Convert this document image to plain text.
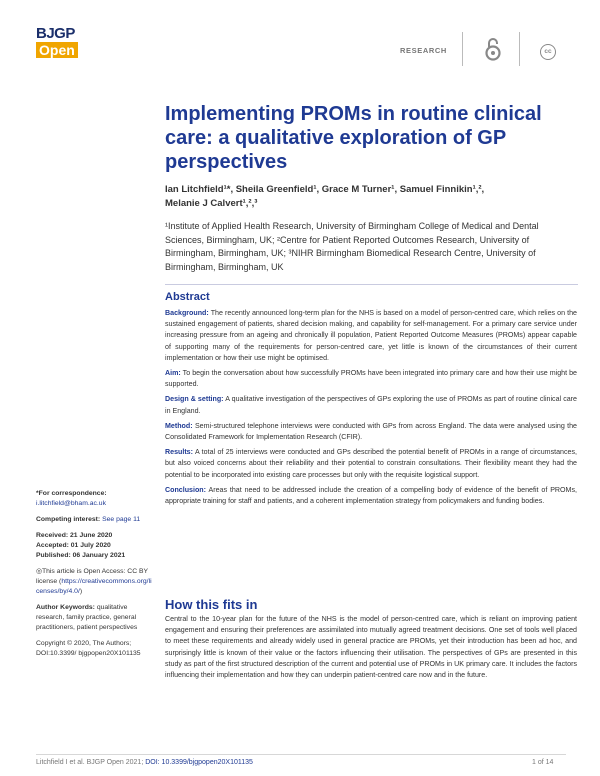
BJGP
Open	RESEARCH	cc
Implementing PROMs in routine clinical care: a qualitative exploration of GP perspectives
Ian Litchfield¹*, Sheila Greenfield¹, Grace M Turner¹, Samuel Finnikin¹,²,
Melanie J Calvert¹,²,³
¹Institute of Applied Health Research, University of Birmingham College of Medical and Dental Sciences, Birmingham, UK; ²Centre for Patient Reported Outcomes Research, University of Birmingham, Birmingham, UK; ³NIHR Birmingham Biomedical Research Centre, University of Birmingham, Birmingham, UK
Abstract

Background: The recently announced long-term plan for the NHS is based on a model of person-centred care, which relies on the sustained engagement of patients, shared decision making, and capability for self-management. For a primary care service under increasing pressure from an ageing and chronically ill population, Patient Reported Outcome Measures (PROMs) appear capable of supporting many of the requirements for person-centred care, yet little is known of the circumstances of their current implementation or how their use might be optimised.

Aim: To begin the conversation about how successfully PROMs have been integrated into primary care and how their use might be supported.

Design & setting: A qualitative investigation of the perspectives of GPs exploring the use of PROMs as part of routine clinical care in England.

Method: Semi-structured telephone interviews were conducted with GPs from across England. The data were analysed using the Consolidated Framework for Implementation Research (CFIR).

Results: A total of 25 interviews were conducted and GPs described the potential benefit of PROMs in a range of circumstances, but also voiced concerns about their reliability and their potential to constrain consultations. Their flexibility meant they had the potential to be incorporated into existing care processes but only with the requisite logistical support.

Conclusion: Areas that need to be addressed include the creation of a compelling body of evidence of the benefit of PROMs, appropriate training for staff and patients, and a coherent implementation strategy from policymakers and funding bodies.

*For correspondence: i.litchfield@bham.ac.uk

Competing interest: See page 11

Received: 21 June 2020
Accepted: 01 July 2020
Published: 06 January 2021

◎This article is Open Access: CC BY license (https://creativecommons.org/licenses/by/4.0/)

Author Keywords: qualitative research, family practice, general practitioners, patient perspectives

Copyright © 2020, The Authors;
DOI:10.3399/ bjgpopen20X101135

How this fits in
Central to the 10-year plan for the future of the NHS is the model of person-centred care, which is reliant on improving patient engagement and ensuring their preferences are assimilated into mutually agreed treatment decisions. One set of tools well placed to meet these requirements and already widely used in general practice are PROMs, yet their introduction has been ad hoc, and surprisingly little is known of their value or the factors influencing their utilisation. The perspectives of GPs are presented in this study as part of the first structured description of the current and potential use of PROMs in UK primary care. It includes the factors influencing their implementation and how they can underpin patient-centred care now and in the future.
Litchfield I et al. BJGP Open 2021; DOI: 10.3399/bjgpopen20X101135	1 of 14
